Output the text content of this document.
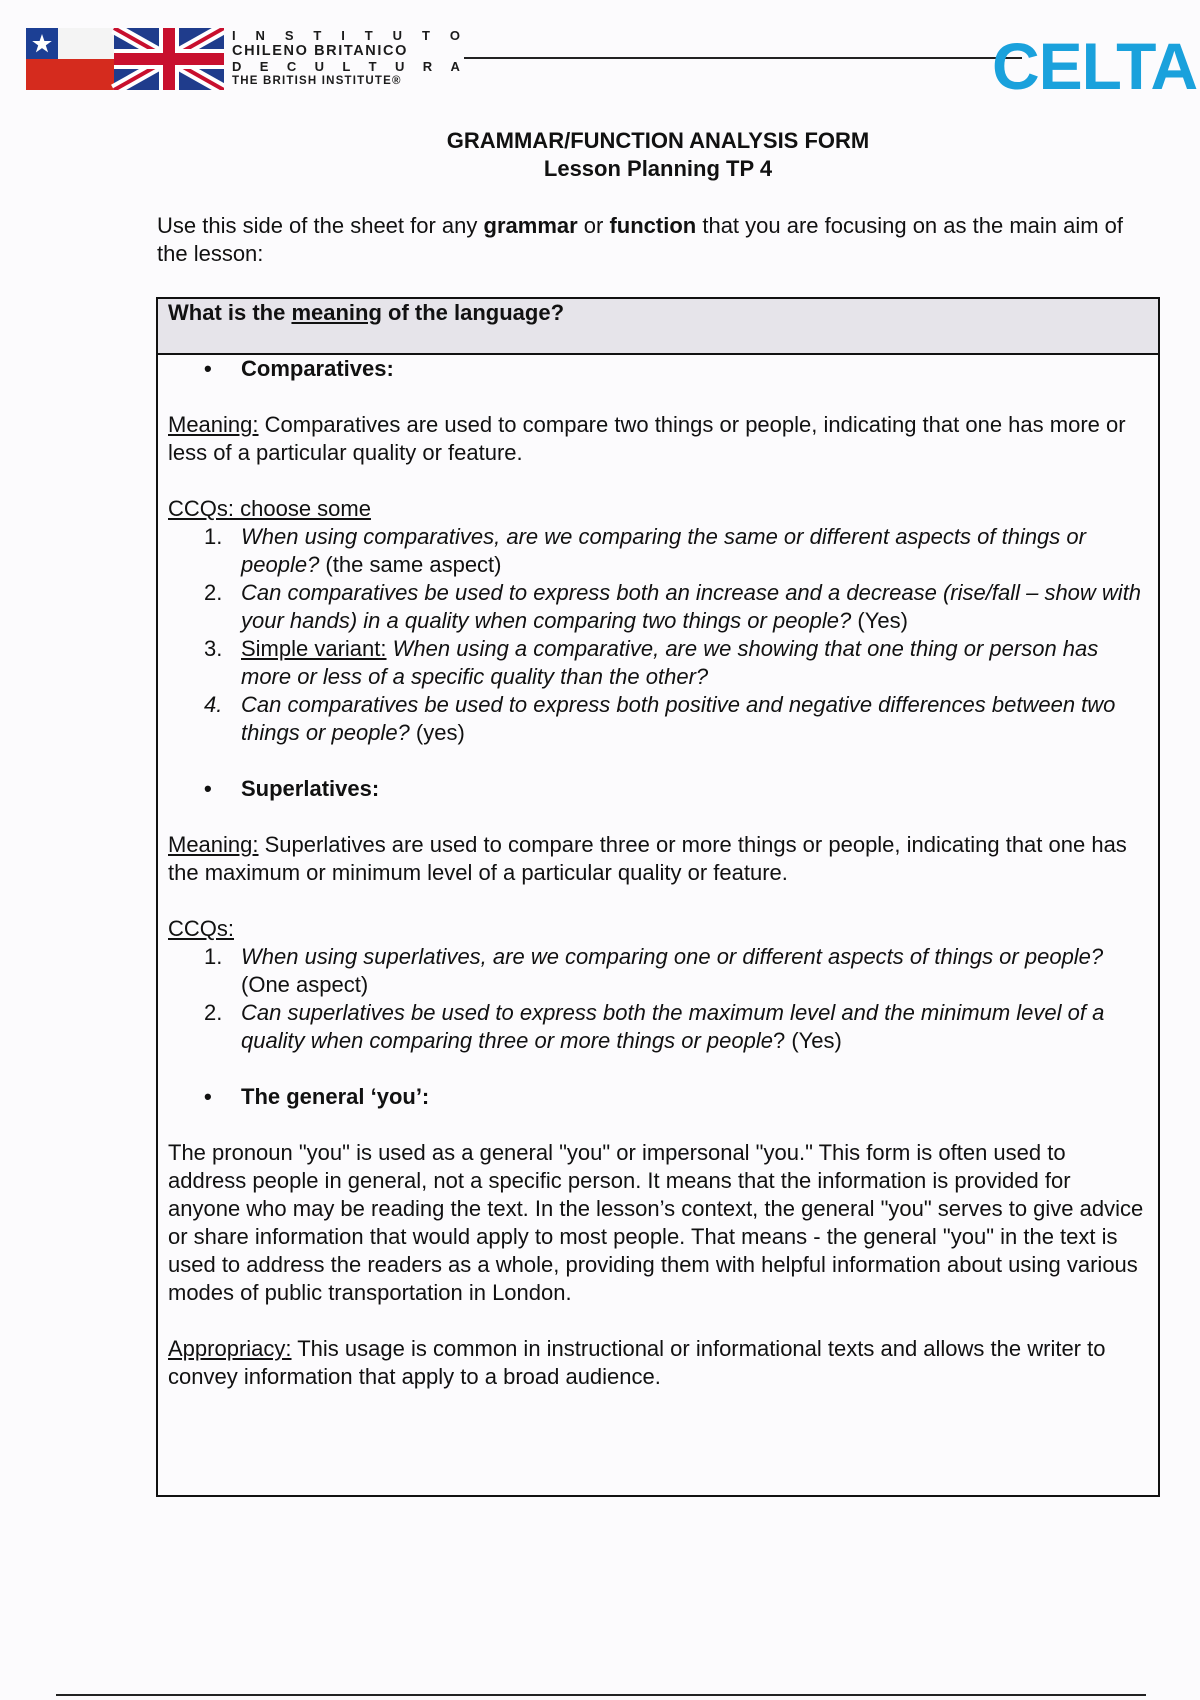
I N S T I T U T O
CHILENO BRITANICO
D E C U L T U R A
THE BRITISH INSTITUTE®	CELTA
GRAMMAR/FUNCTION ANALYSIS FORM
Lesson Planning TP 4
Use this side of the sheet for any grammar or function that you are focusing on as the main aim of the lesson:
What is the meaning of the language?

• Comparatives:

Meaning: Comparatives are used to compare two things or people, indicating that one has more or less of a particular quality or feature.

CCQs: choose some

1. When using comparatives, are we comparing the same or different aspects of things or people? (the same aspect)
2. Can comparatives be used to express both an increase and a decrease (rise/fall – show with your hands) in a quality when comparing two things or people? (Yes)
3. Simple variant: When using a comparative, are we showing that one thing or person has more or less of a specific quality than the other?
4. Can comparatives be used to express both positive and negative differences between two things or people? (yes)

• Superlatives:

Meaning: Superlatives are used to compare three or more things or people, indicating that one has the maximum or minimum level of a particular quality or feature.

CCQs:

1. When using superlatives, are we comparing one or different aspects of things or people? (One aspect)
2. Can superlatives be used to express both the maximum level and the minimum level of a quality when comparing three or more things or people? (Yes)

• The general ‘you’:

The pronoun "you" is used as a general "you" or impersonal "you." This form is often used to address people in general, not a specific person. It means that the information is provided for anyone who may be reading the text. In the lesson’s context, the general "you" serves to give advice or share information that would apply to most people. That means - the general "you" in the text is used to address the readers as a whole, providing them with helpful information about using various modes of public transportation in London.

Appropriacy: This usage is common in instructional or informational texts and allows the writer to convey information that apply to a broad audience.
